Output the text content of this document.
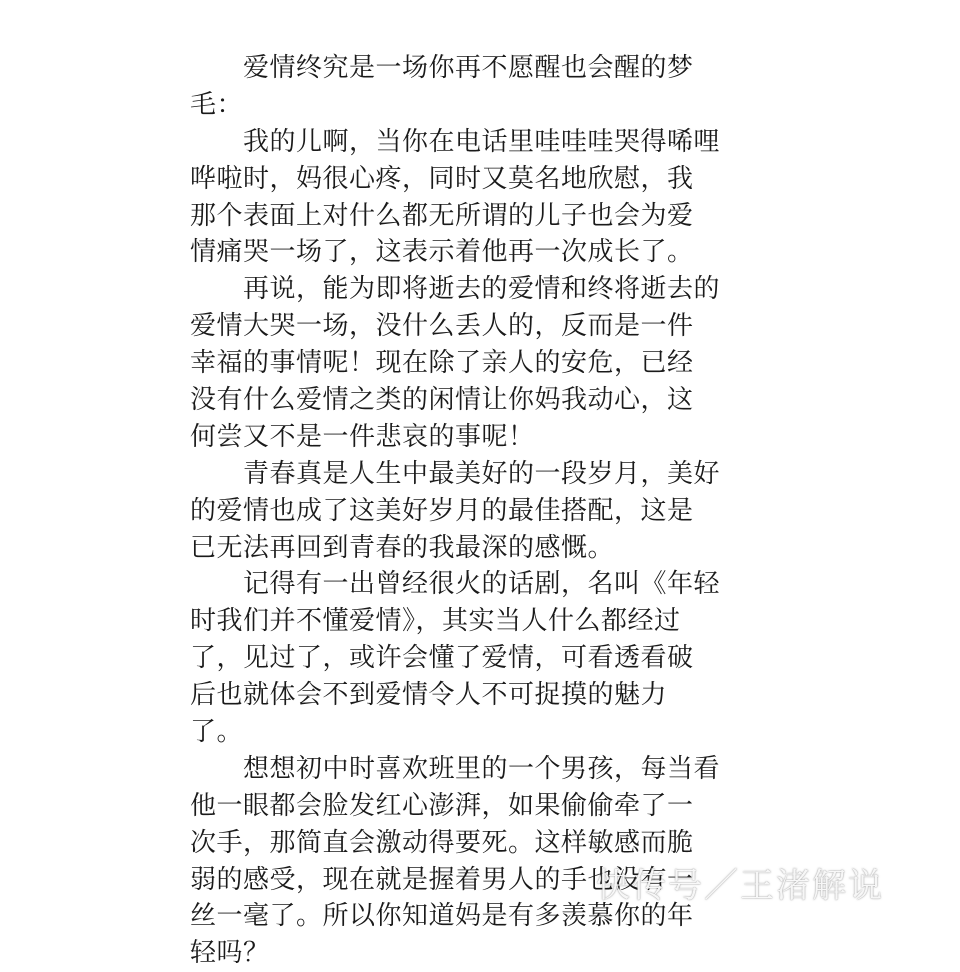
　　爱情终究是一场你再不愿醒也会醒的梦
毛：
　　我的儿啊，当你在电话里哇哇哇哭得唏哩
哗啦时，妈很心疼，同时又莫名地欣慰，我
那个表面上对什么都无所谓的儿子也会为爱
情痛哭一场了，这表示着他再一次成长了。
　　再说，能为即将逝去的爱情和终将逝去的
爱情大哭一场，没什么丢人的，反而是一件
幸福的事情呢！现在除了亲人的安危，已经
没有什么爱情之类的闲情让你妈我动心，这
何尝又不是一件悲哀的事呢！
　　青春真是人生中最美好的一段岁月，美好
的爱情也成了这美好岁月的最佳搭配，这是
已无法再回到青春的我最深的感慨。
　　记得有一出曾经很火的话剧，名叫《年轻
时我们并不懂爱情》，其实当人什么都经过
了，见过了，或许会懂了爱情，可看透看破
后也就体会不到爱情令人不可捉摸的魅力
了。
　　想想初中时喜欢班里的一个男孩，每当看
他一眼都会脸发红心澎湃，如果偷偷牵了一
次手，那简直会激动得要死。这样敏感而脆
弱的感受，现在就是握着男人的手也没有一
丝一毫了。所以你知道妈是有多羡慕你的年
轻吗？
快传号／王渚解说
